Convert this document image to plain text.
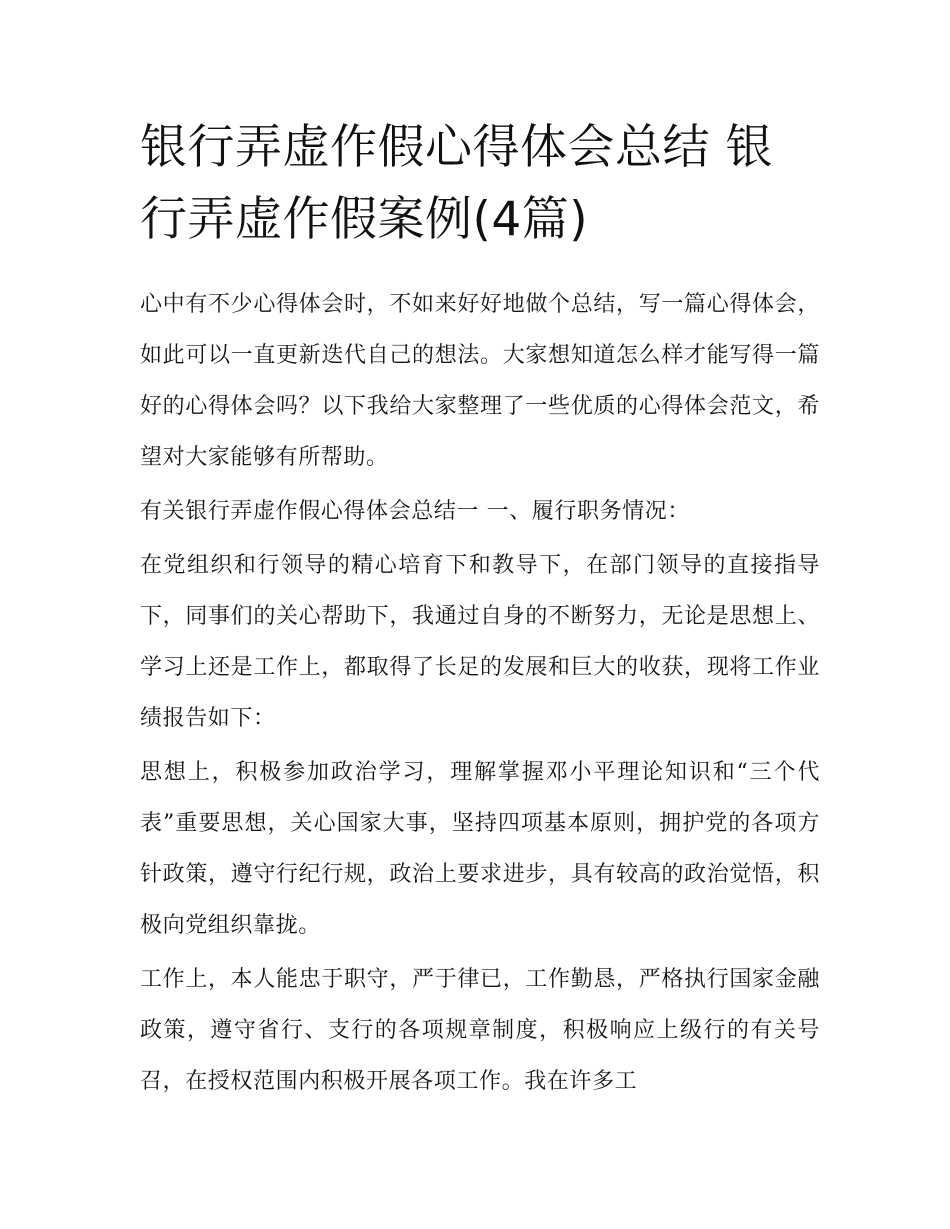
银行弄虚作假心得体会总结 银行弄虚作假案例(4篇)

心中有不少心得体会时，不如来好好地做个总结，写一篇心得体会，如此可以一直更新迭代自己的想法。大家想知道怎么样才能写得一篇好的心得体会吗？以下我给大家整理了一些优质的心得体会范文，希望对大家能够有所帮助。

有关银行弄虚作假心得体会总结一 一、履行职务情况：

在党组织和行领导的精心培育下和教导下，在部门领导的直接指导下，同事们的关心帮助下，我通过自身的不断努力，无论是思想上、学习上还是工作上，都取得了长足的发展和巨大的收获，现将工作业绩报告如下：

思想上，积极参加政治学习，理解掌握邓小平理论知识和“三个代表”重要思想，关心国家大事，坚持四项基本原则，拥护党的各项方针政策，遵守行纪行规，政治上要求进步，具有较高的政治觉悟，积极向党组织靠拢。

工作上，本人能忠于职守，严于律已，工作勤恳，严格执行国家金融政策，遵守省行、支行的各项规章制度，积极响应上级行的有关号召，在授权范围内积极开展各项工作。我在许多工
